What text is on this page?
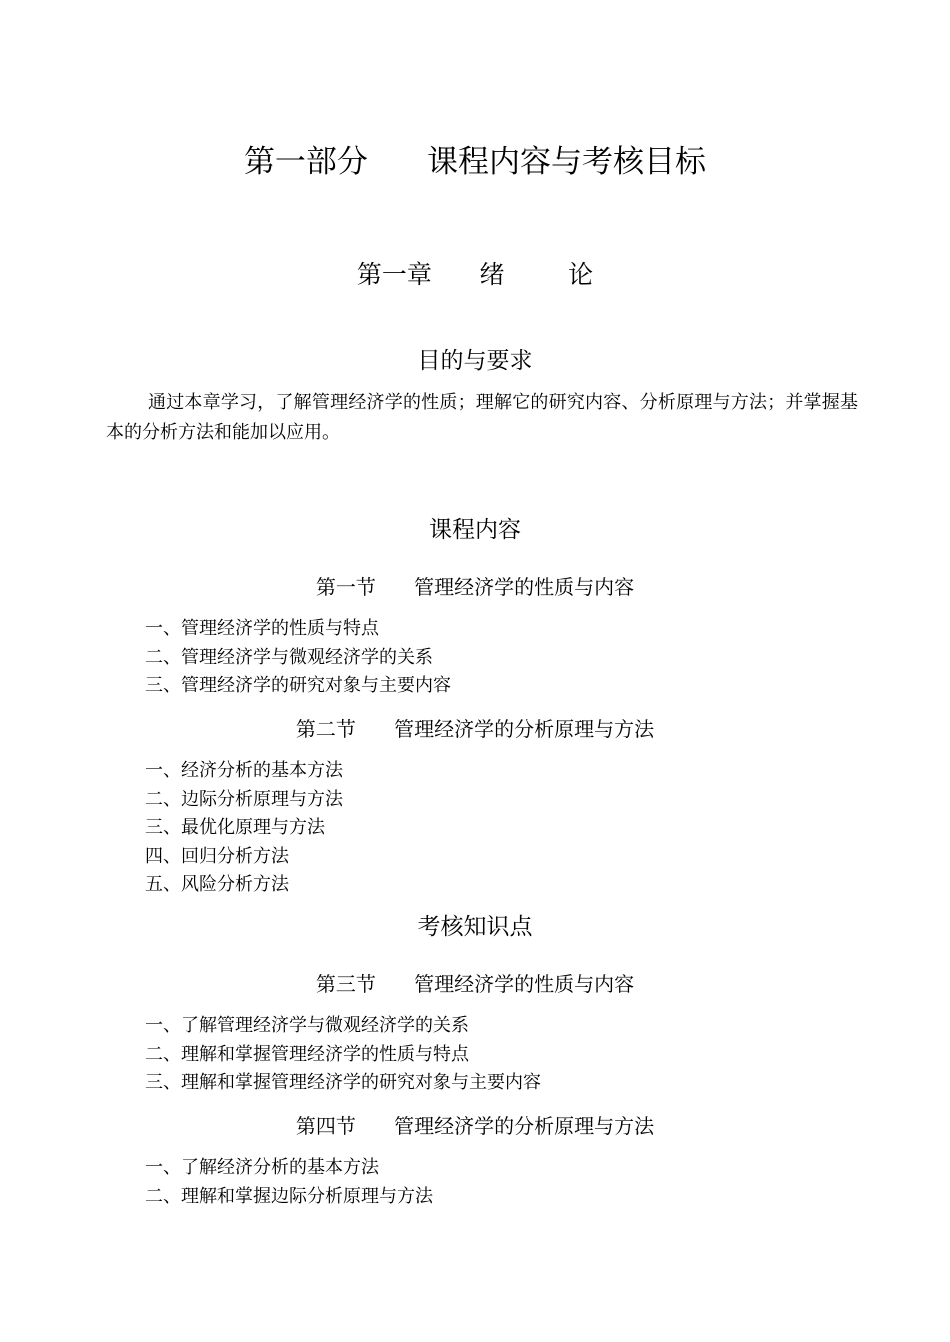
第一部分      课程内容与考核目标
第一章      绪        论
目的与要求

通过本章学习，了解管理经济学的性质；理解它的研究内容、分析原理与方法；并掌握基本的分析方法和能加以应用。

课程内容
第一节      管理经济学的性质与内容
一、管理经济学的性质与特点
二、管理经济学与微观经济学的关系
三、管理经济学的研究对象与主要内容
第二节      管理经济学的分析原理与方法
一、经济分析的基本方法
二、边际分析原理与方法
三、最优化原理与方法
四、回归分析方法
五、风险分析方法
考核知识点
第三节      管理经济学的性质与内容
一、了解管理经济学与微观经济学的关系
二、理解和掌握管理经济学的性质与特点
三、理解和掌握管理经济学的研究对象与主要内容
第四节      管理经济学的分析原理与方法
一、了解经济分析的基本方法
二、理解和掌握边际分析原理与方法
